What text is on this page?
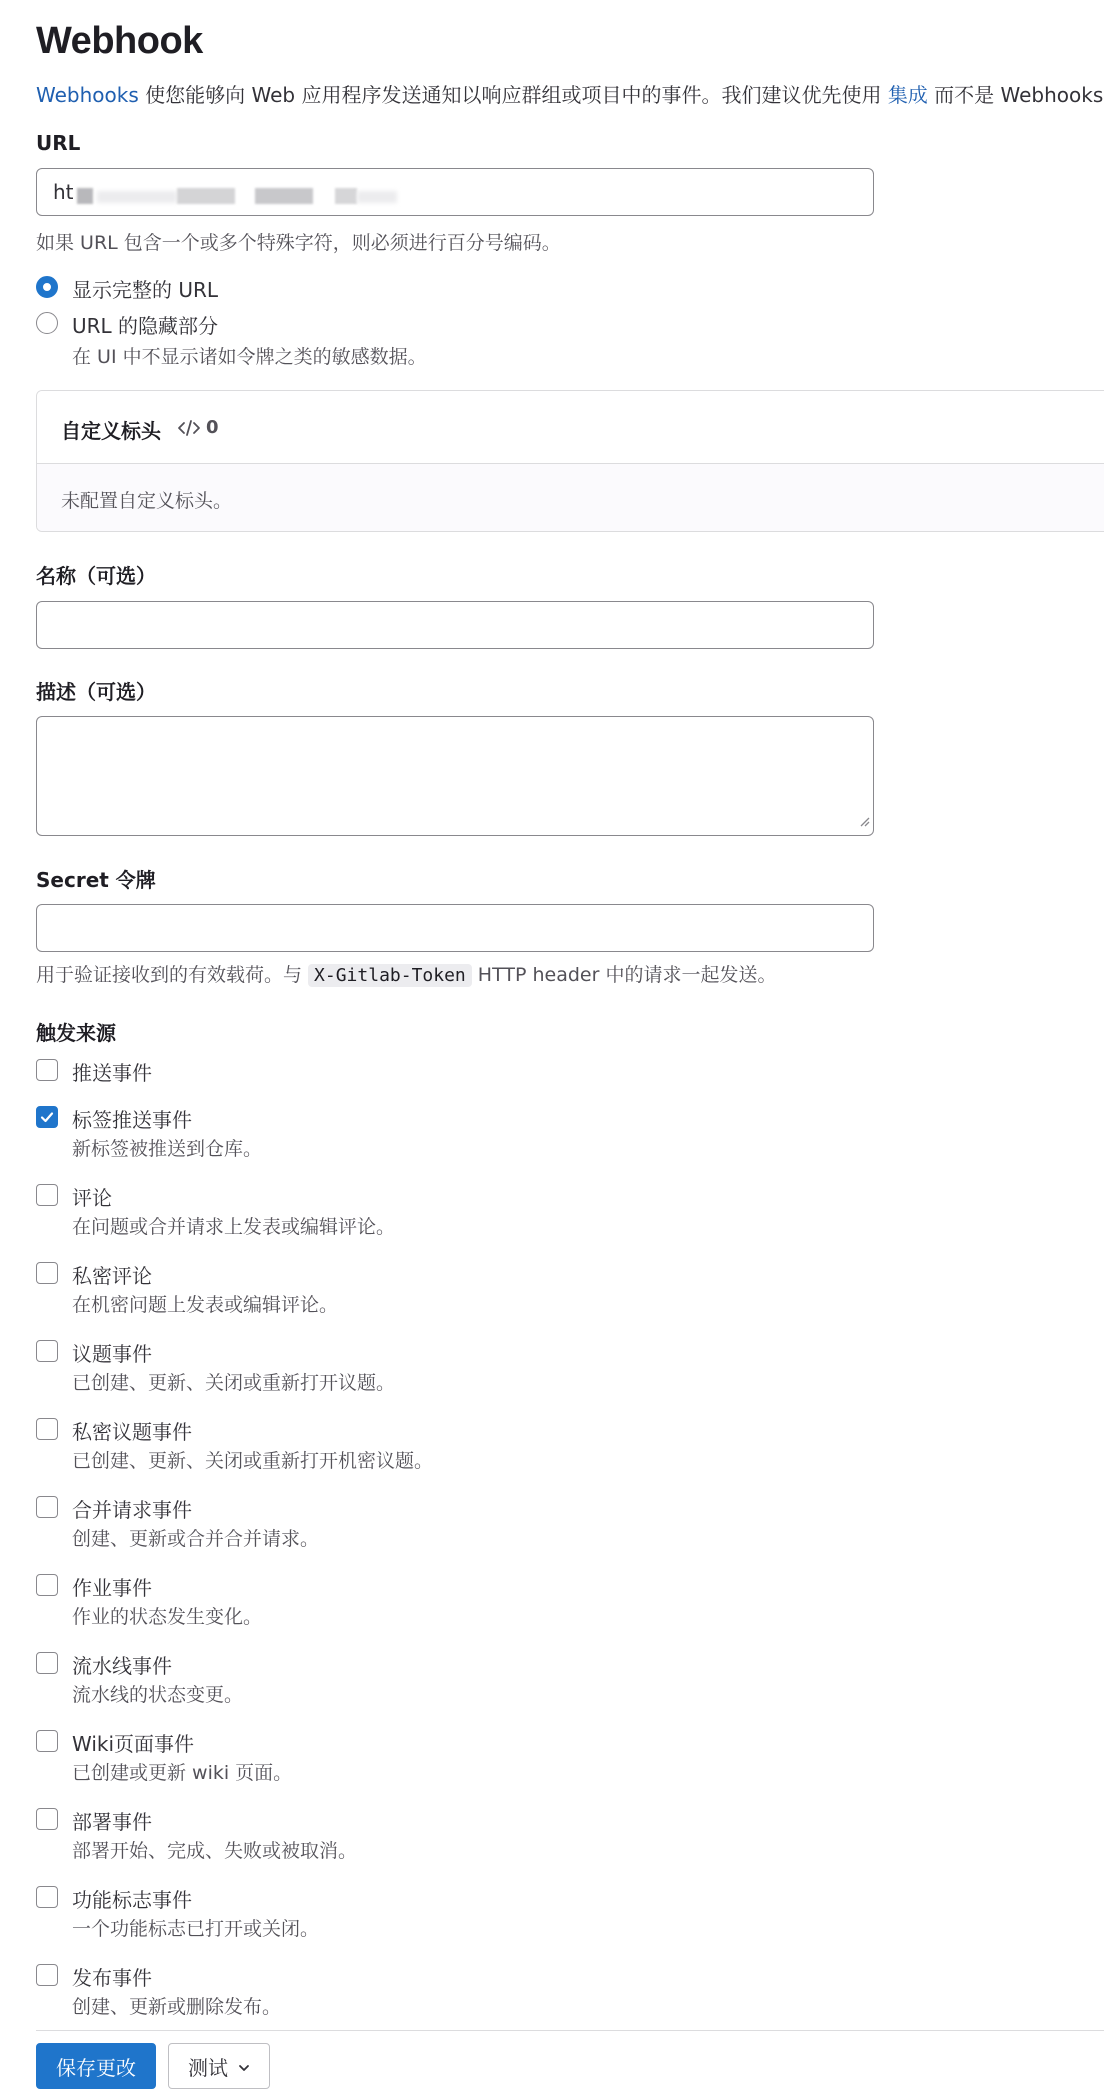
Webhook
Webhooks 使您能够向 Web 应用程序发送通知以响应群组或项目中的事件。我们建议优先使用 集成 而不是 Webhooks
URL
ht
如果 URL 包含一个或多个特殊字符，则必须进行百分号编码。
显示完整的 URL
URL 的隐藏部分
在 UI 中不显示诸如令牌之类的敏感数据。
自定义标头	0
未配置自定义标头。
名称（可选）
描述（可选）
Secret 令牌
用于验证接收到的有效载荷。与 X-Gitlab-Token HTTP header 中的请求一起发送。
触发来源
推送事件
标签推送事件
新标签被推送到仓库。
评论
在问题或合并请求上发表或编辑评论。
私密评论
在机密问题上发表或编辑评论。
议题事件
已创建、更新、关闭或重新打开议题。
私密议题事件
已创建、更新、关闭或重新打开机密议题。
合并请求事件
创建、更新或合并合并请求。
作业事件
作业的状态发生变化。
流水线事件
流水线的状态变更。
Wiki页面事件
已创建或更新 wiki 页面。
部署事件
部署开始、完成、失败或被取消。
功能标志事件
一个功能标志已打开或关闭。
发布事件
创建、更新或删除发布。
保存更改	测试
